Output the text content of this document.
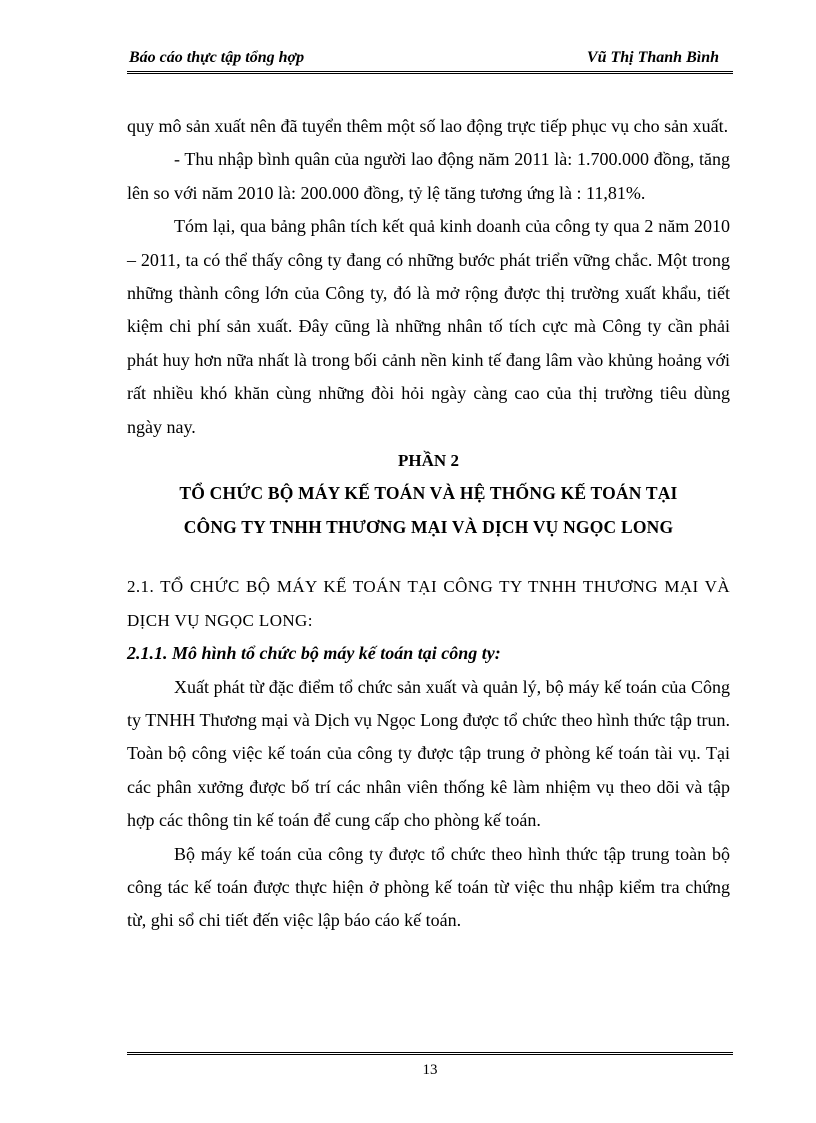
Báo cáo thực tập tổng hợp	Vũ Thị Thanh Bình

quy mô sản xuất nên đã tuyển thêm một số lao động trực tiếp phục vụ cho sản xuất.

- Thu nhập bình quân của người lao động năm 2011 là: 1.700.000 đồng, tăng lên so với năm 2010 là: 200.000 đồng, tỷ lệ tăng tương ứng là : 11,81%.

Tóm lại, qua bảng phân tích kết quả kinh doanh của công ty qua 2 năm 2010 – 2011, ta có thể thấy công ty đang có những bước phát triển vững chắc. Một trong những thành công lớn của Công ty, đó là mở rộng được thị trường xuất khẩu, tiết kiệm chi phí sản xuất. Đây cũng là những nhân tố tích cực mà Công ty cần phải phát huy hơn nữa nhất là trong bối cảnh nền kinh tế đang lâm vào khủng hoảng với rất nhiều khó khăn cùng những đòi hỏi ngày càng cao của thị trường tiêu dùng ngày nay.

PHẦN 2
TỔ CHỨC BỘ MÁY KẾ TOÁN VÀ HỆ THỐNG KẾ TOÁN TẠI
CÔNG TY TNHH THƯƠNG MẠI VÀ DỊCH VỤ NGỌC LONG

2.1. TỔ CHỨC BỘ MÁY KẾ TOÁN TẠI CÔNG TY TNHH THƯƠNG MẠI VÀ DỊCH VỤ NGỌC LONG:

2.1.1. Mô hình tổ chức bộ máy kế toán tại công ty:

Xuất phát từ đặc điểm tổ chức sản xuất và quản lý, bộ máy kế toán của Công ty TNHH Thương mại và Dịch vụ Ngọc Long được tổ chức theo hình thức tập trun. Toàn bộ công việc kế toán của công ty được tập trung ở phòng kế toán tài vụ. Tại các phân xưởng được bố trí các nhân viên thống kê làm nhiệm vụ theo dõi và tập hợp các thông tin kế toán để cung cấp cho phòng kế toán.

Bộ máy kế toán của công ty được tổ chức theo hình thức tập trung toàn bộ công tác kế toán được thực hiện ở phòng kế toán từ việc thu nhập kiểm tra chứng từ, ghi sổ chi tiết đến việc lập báo cáo kế toán.

13
